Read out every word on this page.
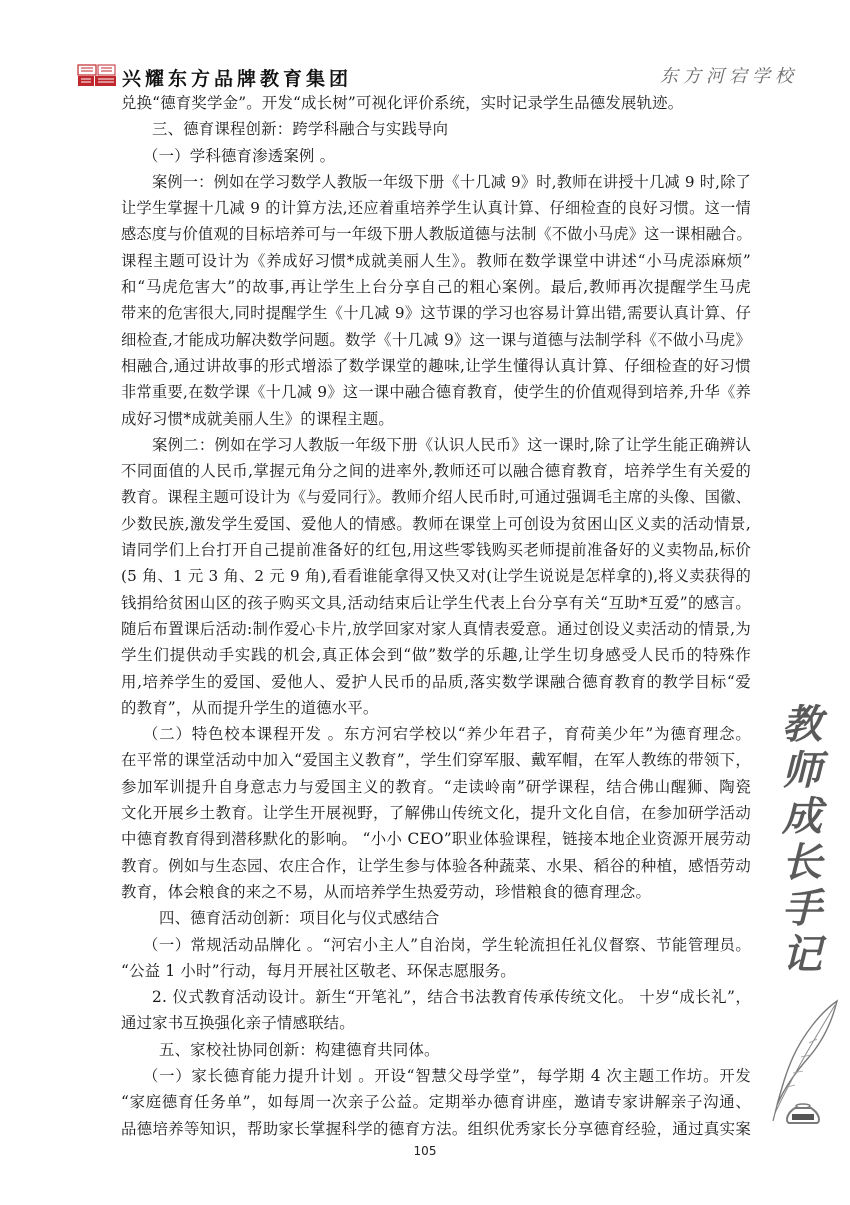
兴耀东方品牌教育集团	东方河宕学校
兑换“德育奖学金”。开发“成长树”可视化评价系统，实时记录学生品德发展轨迹。
三、德育课程创新：跨学科融合与实践导向
（一）学科德育渗透案例 。
案例一：例如在学习数学人教版一年级下册《十几减 9》时,教师在讲授十几减 9 时,除了
让学生掌握十几减 9 的计算方法,还应着重培养学生认真计算、仔细检查的良好习惯。这一情
感态度与价值观的目标培养可与一年级下册人教版道德与法制《不做小马虎》这一课相融合。
课程主题可设计为《养成好习惯*成就美丽人生》。教师在数学课堂中讲述“小马虎添麻烦”
和“马虎危害大”的故事,再让学生上台分享自己的粗心案例。最后,教师再次提醒学生马虎
带来的危害很大,同时提醒学生《十几减 9》这节课的学习也容易计算出错,需要认真计算、仔
细检查,才能成功解决数学问题。数学《十几减 9》这一课与道德与法制学科《不做小马虎》
相融合,通过讲故事的形式增添了数学课堂的趣味,让学生懂得认真计算、仔细检查的好习惯
非常重要,在数学课《十几减 9》这一课中融合德育教育，使学生的价值观得到培养,升华《养
成好习惯*成就美丽人生》的课程主题。
案例二：例如在学习人教版一年级下册《认识人民币》这一课时,除了让学生能正确辨认
不同面值的人民币,掌握元角分之间的进率外,教师还可以融合德育教育，培养学生有关爱的
教育。课程主题可设计为《与爱同行》。教师介绍人民币时,可通过强调毛主席的头像、国徽、
少数民族,激发学生爱国、爱他人的情感。教师在课堂上可创设为贫困山区义卖的活动情景,
请同学们上台打开自己提前准备好的红包,用这些零钱购买老师提前准备好的义卖物品,标价
(5 角、1 元 3 角、2 元 9 角),看看谁能拿得又快又对(让学生说说是怎样拿的),将义卖获得的
钱捐给贫困山区的孩子购买文具,活动结束后让学生代表上台分享有关“互助*互爱”的感言。
随后布置课后活动:制作爱心卡片,放学回家对家人真情表爱意。通过创设义卖活动的情景,为
学生们提供动手实践的机会,真正体会到“做”数学的乐趣,让学生切身感受人民币的特殊作
用,培养学生的爱国、爱他人、爱护人民币的品质,落实数学课融合德育教育的教学目标“爱
的教育”，从而提升学生的道德水平。
（二）特色校本课程开发 。东方河宕学校以“养少年君子，育荷美少年”为德育理念。
在平常的课堂活动中加入“爱国主义教育”，学生们穿军服、戴军帽，在军人教练的带领下，
参加军训提升自身意志力与爱国主义的教育。“走读岭南”研学课程，结合佛山醒狮、陶瓷
文化开展乡土教育。让学生开展视野，了解佛山传统文化，提升文化自信，在参加研学活动
中德育教育得到潜移默化的影响。 “小小 CEO”职业体验课程，链接本地企业资源开展劳动
教育。例如与生态园、农庄合作，让学生参与体验各种蔬菜、水果、稻谷的种植，感悟劳动
教育，体会粮食的来之不易，从而培养学生热爱劳动，珍惜粮食的德育理念。
四、德育活动创新：项目化与仪式感结合
（一）常规活动品牌化 。“河宕小主人”自治岗，学生轮流担任礼仪督察、节能管理员。
“公益 1 小时”行动，每月开展社区敬老、环保志愿服务。
2. 仪式教育活动设计。新生“开笔礼”，结合书法教育传承传统文化。 十岁“成长礼”，
通过家书互换强化亲子情感联结。
五、家校社协同创新：构建德育共同体。
（一）家长德育能力提升计划 。开设“智慧父母学堂”，每学期 4 次主题工作坊。开发
“家庭德育任务单”，如每周一次亲子公益。定期举办德育讲座，邀请专家讲解亲子沟通、
品德培养等知识，帮助家长掌握科学的德育方法。组织优秀家长分享德育经验，通过真实案
教
师
成
长
手
记
105
